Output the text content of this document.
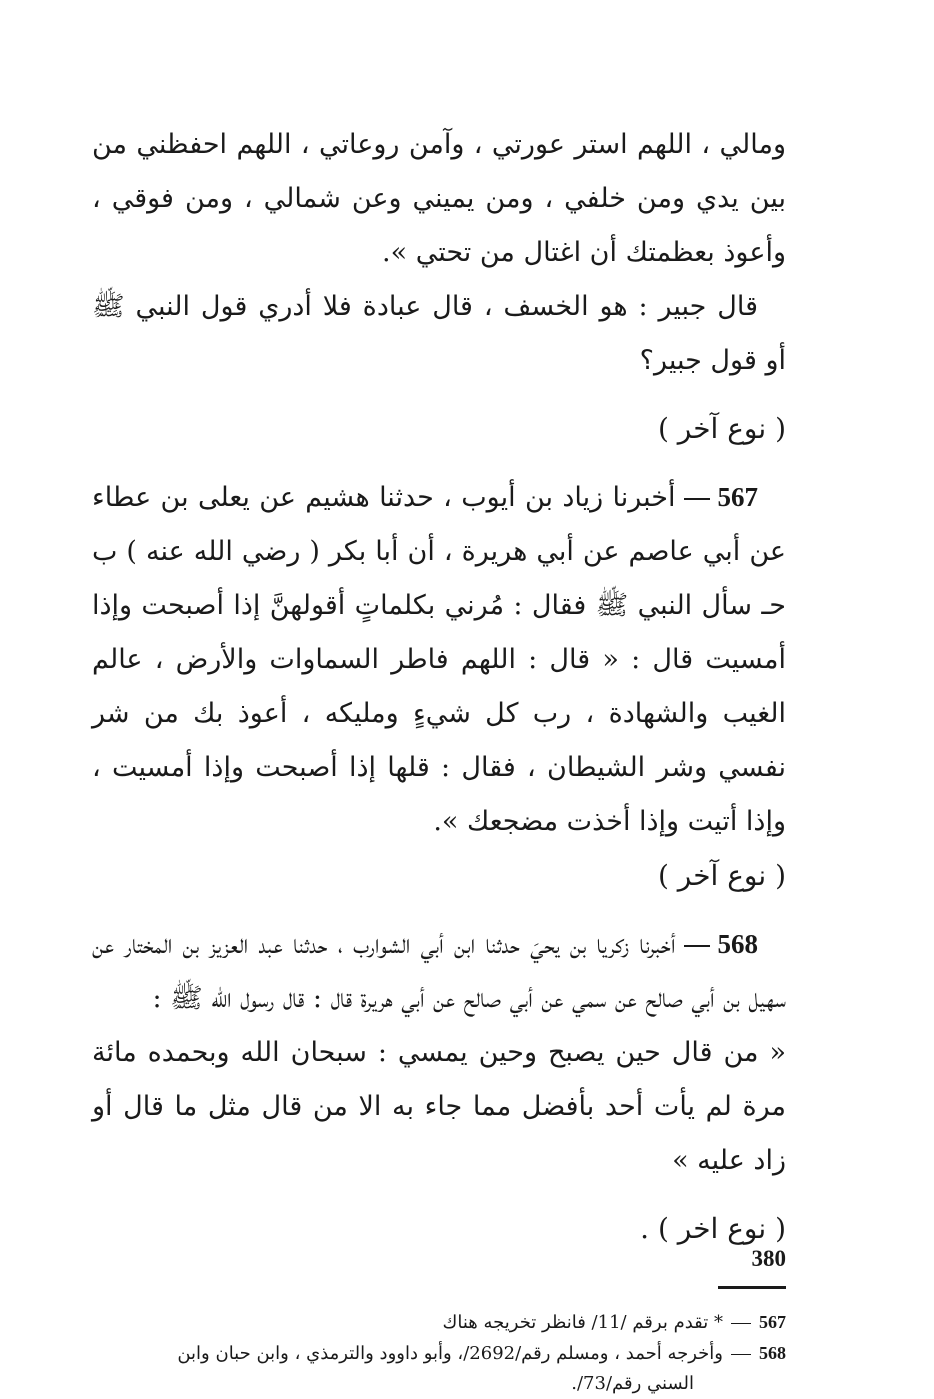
ومالي ، اللهم استر عورتي ، وآمن روعاتي ، اللهم احفظني من بين يدي ومن خلفي ، ومن يميني وعن شمالي ، ومن فوقي ، وأعوذ بعظمتك أن اغتال من تحتي ».

قال جبير : هو الخسف ، قال عبادة فلا أدري قول النبي ﷺ أو قول جبير؟

( نوع آخر )

567أخبرنا زياد بن أيوب ، حدثنا هشيم عن يعلى بن عطاء عن أبي عاصم عن أبي هريرة ، أن أبا بكر ( رضي الله عنه ) ب حـ سأل النبي ﷺ فقال : مُرني بكلماتٍ أقولهنَّ إذا أصبحت وإذا أمسيت قال : « قال : اللهم فاطر السماوات والأرض ، عالم الغيب والشهادة ، رب كل شيءٍ ومليكه ، أعوذ بك من شر نفسي وشر الشيطان ، فقال : قلها إذا أصبحت وإذا أمسيت ، وإذا أتيت وإذا أخذت مضجعك ».

( نوع آخر )

568أخبرنا زكريا بن يحيَ حدثنا ابن أبي الشوارب ، حدثنا عبد العزيز بن المختار عن سهيل بن أبي صالح عن سمي عن أبي صالح عن أبي هريرة قال : قال رسول الله ﷺ :

« من قال حين يصبح وحين يمسي : سبحان الله وبحمده مائة مرة لم يأت أحد بأفضل مما جاء به الا من قال مثل ما قال أو زاد عليه »

( نوع اخر ) .

567* تقدم برقم /11/ فانظر تخريجه هناك

568وأخرجه أحمد ، ومسلم رقم/2692/، وأبو داوود والترمذي ، وابن حبان وابن

السني رقم/73/.

380
